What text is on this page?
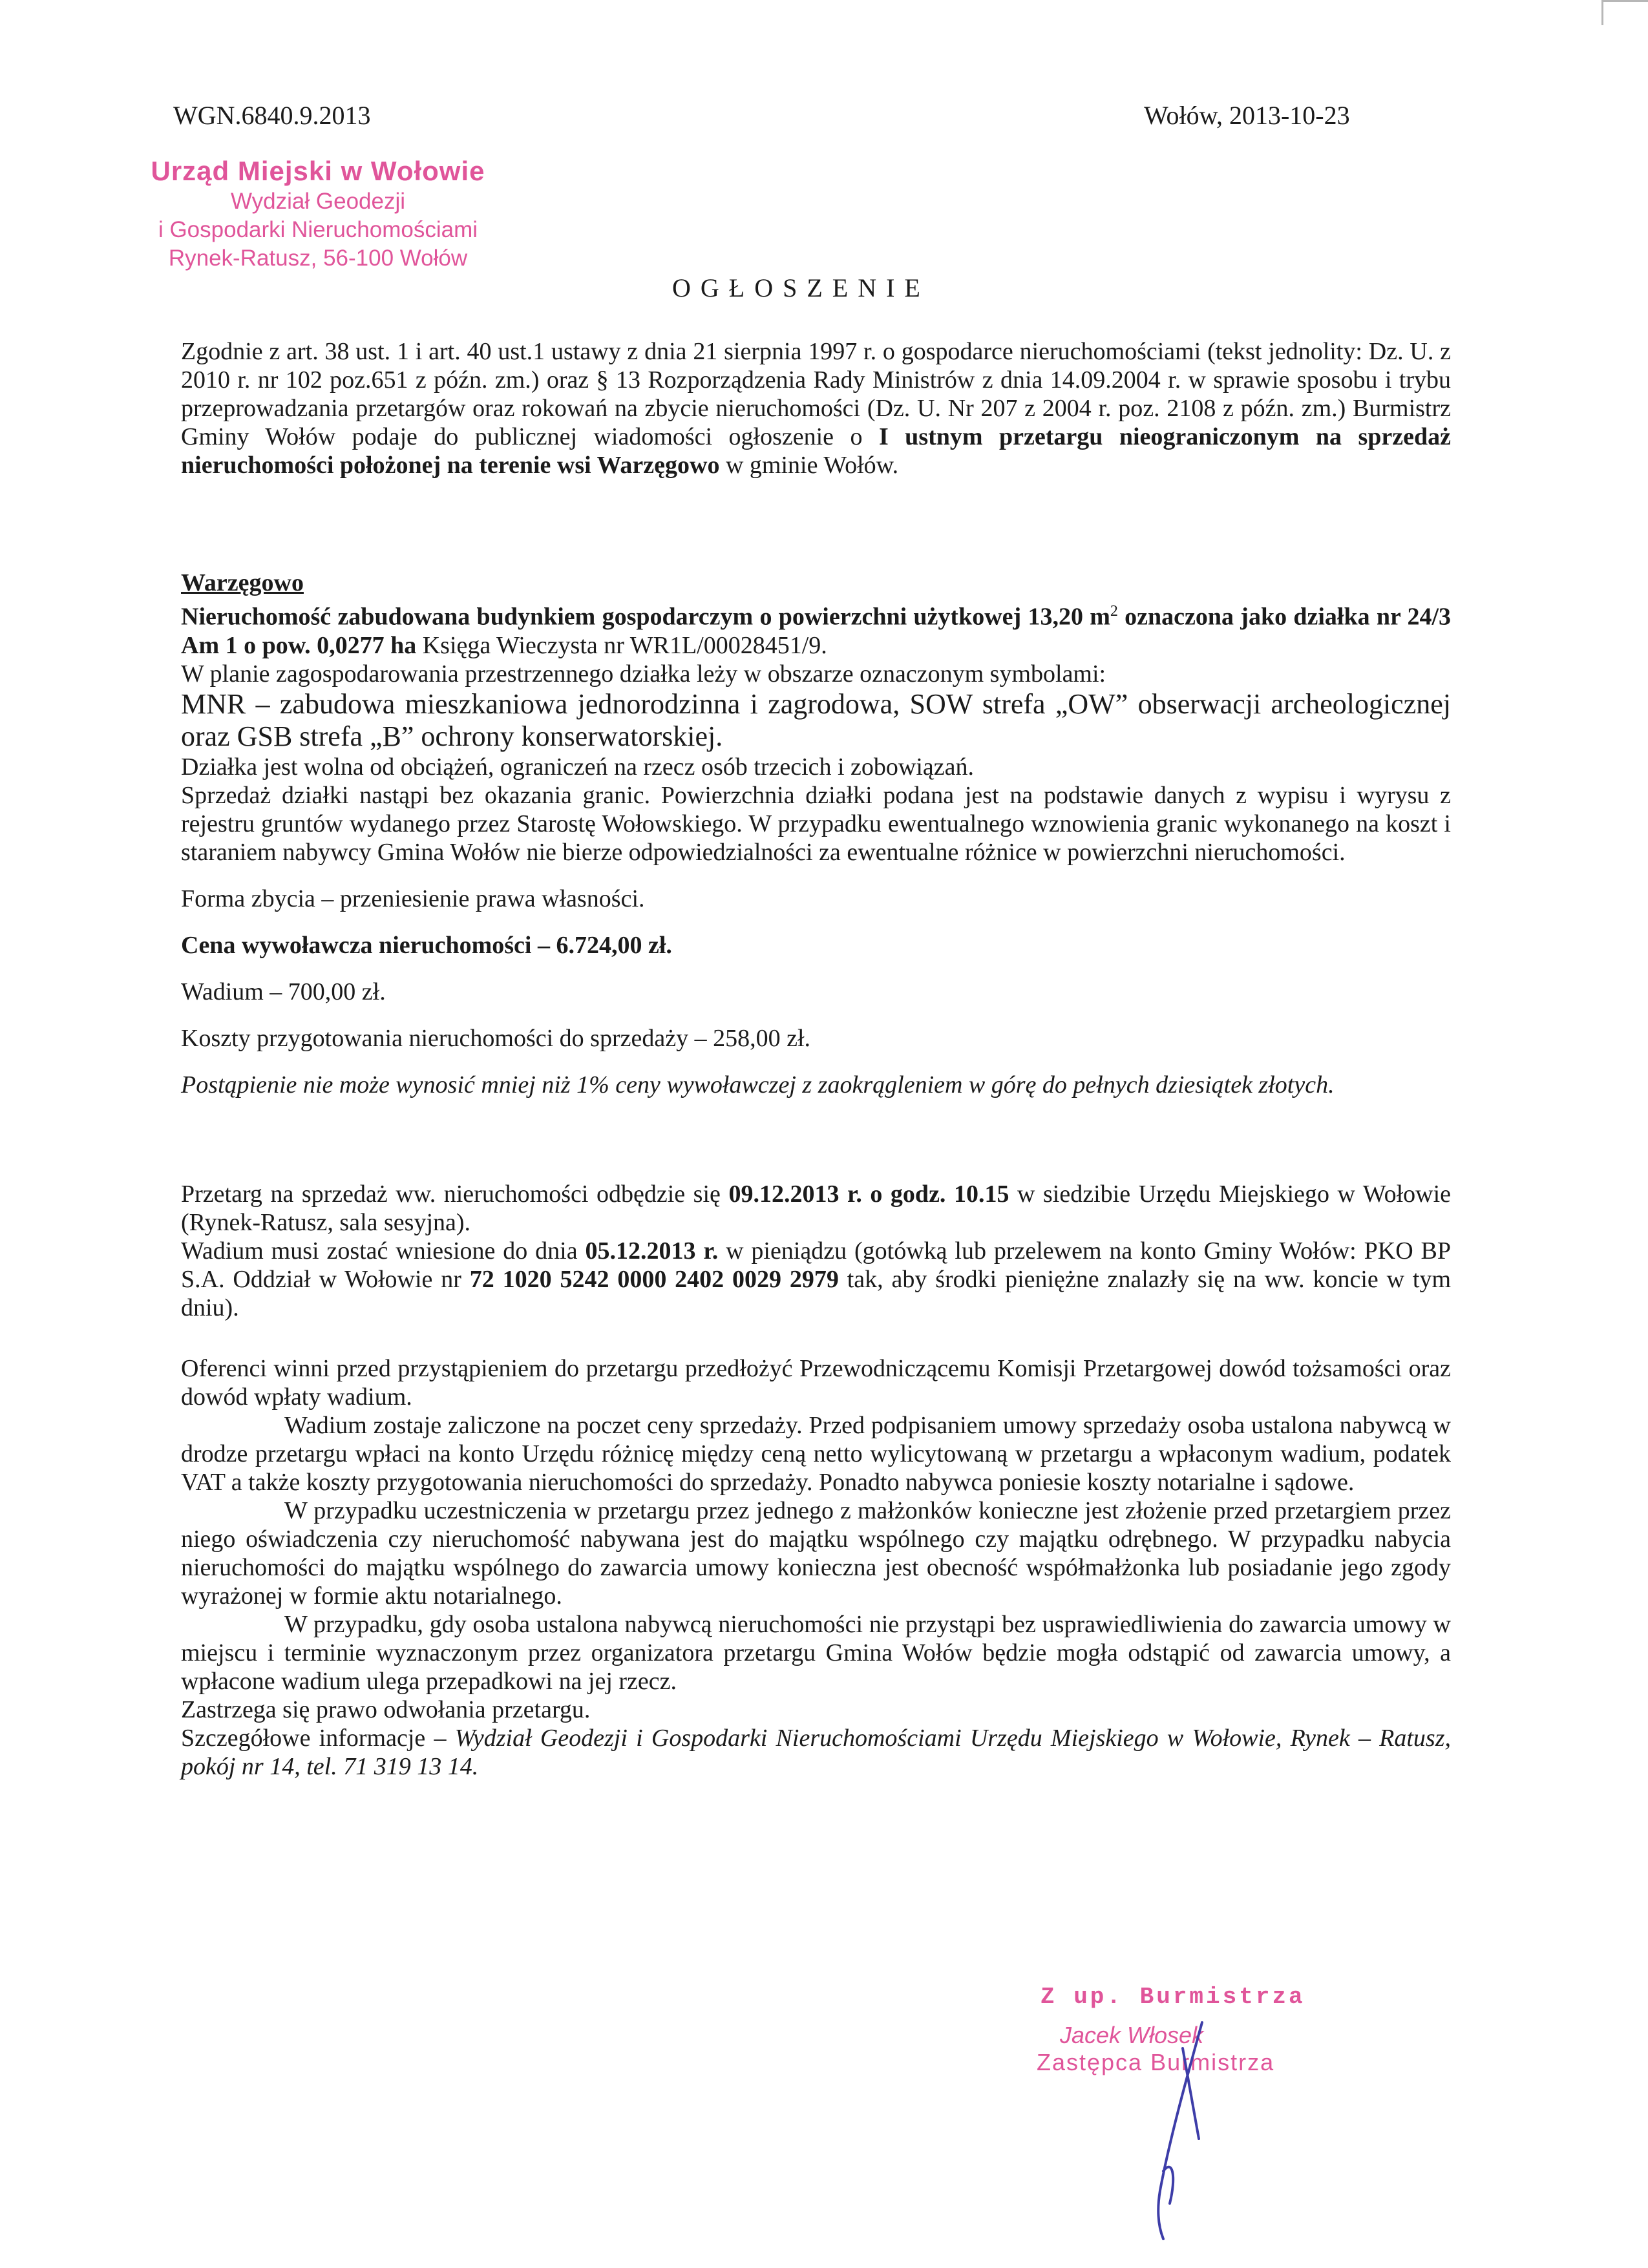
WGN.6840.9.2013	Wołów, 2013-10-23
Urząd Miejski w Wołowie
Wydział Geodezji
i Gospodarki Nieruchomościami
Rynek-Ratusz, 56-100 Wołów
OGŁOSZENIE

Zgodnie z art. 38 ust. 1 i art. 40 ust.1 ustawy z dnia 21 sierpnia 1997 r. o gospodarce nieruchomościami (tekst jednolity: Dz. U. z 2010 r. nr 102 poz.651 z późn. zm.) oraz § 13 Rozporządzenia Rady Ministrów z dnia 14.09.2004 r. w sprawie sposobu i trybu przeprowadzania przetargów oraz rokowań na zbycie nieruchomości (Dz. U. Nr 207 z 2004 r. poz. 2108 z późn. zm.) Burmistrz Gminy Wołów podaje do publicznej wiadomości ogłoszenie o I ustnym przetargu nieograniczonym na sprzedaż nieruchomości położonej na terenie wsi Warzęgowo w gminie Wołów.

Warzęgowo

Nieruchomość zabudowana budynkiem gospodarczym o powierzchni użytkowej 13,20 $m^2$ oznaczona jako działka nr 24/3 Am 1 o pow. 0,0277 ha Księga Wieczysta nr WR1L/00028451/9.

W planie zagospodarowania przestrzennego działka leży w obszarze oznaczonym symbolami:

MNR – zabudowa mieszkaniowa jednorodzinna i zagrodowa, SOW strefa „OW” obserwacji archeologicznej oraz GSB strefa „B” ochrony konserwatorskiej.

Działka jest wolna od obciążeń, ograniczeń na rzecz osób trzecich i zobowiązań.

Sprzedaż działki nastąpi bez okazania granic. Powierzchnia działki podana jest na podstawie danych z wypisu i wyrysu z rejestru gruntów wydanego przez Starostę Wołowskiego. W przypadku ewentualnego wznowienia granic wykonanego na koszt i staraniem nabywcy Gmina Wołów nie bierze odpowiedzialności za ewentualne różnice w powierzchni nieruchomości.

Forma zbycia – przeniesienie prawa własności.

Cena wywoławcza nieruchomości – 6.724,00 zł.

Wadium – 700,00 zł.

Koszty przygotowania nieruchomości do sprzedaży – 258,00 zł.

Postąpienie nie może wynosić mniej niż 1% ceny wywoławczej z zaokrągleniem w górę do pełnych dziesiątek złotych.

Przetarg na sprzedaż ww. nieruchomości odbędzie się 09.12.2013 r. o godz. 10.15 w siedzibie Urzędu Miejskiego w Wołowie (Rynek-Ratusz, sala sesyjna).

Wadium musi zostać wniesione do dnia 05.12.2013 r. w pieniądzu (gotówką lub przelewem na konto Gminy Wołów: PKO BP S.A. Oddział w Wołowie nr 72 1020 5242 0000 2402 0029 2979 tak, aby środki pieniężne znalazły się na ww. koncie w tym dniu).

Oferenci winni przed przystąpieniem do przetargu przedłożyć Przewodniczącemu Komisji Przetargowej dowód tożsamości oraz dowód wpłaty wadium.

Wadium zostaje zaliczone na poczet ceny sprzedaży. Przed podpisaniem umowy sprzedaży osoba ustalona nabywcą w drodze przetargu wpłaci na konto Urzędu różnicę między ceną netto wylicytowaną w przetargu a wpłaconym wadium, podatek VAT a także koszty przygotowania nieruchomości do sprzedaży. Ponadto nabywca poniesie koszty notarialne i sądowe.

W przypadku uczestniczenia w przetargu przez jednego z małżonków konieczne jest złożenie przed przetargiem przez niego oświadczenia czy nieruchomość nabywana jest do majątku wspólnego czy majątku odrębnego. W przypadku nabycia nieruchomości do majątku wspólnego do zawarcia umowy konieczna jest obecność współmałżonka lub posiadanie jego zgody wyrażonej w formie aktu notarialnego.

W przypadku, gdy osoba ustalona nabywcą nieruchomości nie przystąpi bez usprawiedliwienia do zawarcia umowy w miejscu i terminie wyznaczonym przez organizatora przetargu Gmina Wołów będzie mogła odstąpić od zawarcia umowy, a wpłacone wadium ulega przepadkowi na jej rzecz.

Zastrzega się prawo odwołania przetargu.

Szczegółowe informacje – Wydział Geodezji i Gospodarki Nieruchomościami Urzędu Miejskiego w Wołowie, Rynek – Ratusz, pokój nr 14, tel. 71 319 13 14.

Z up. Burmistrza
Jacek Włosek
Zastępca Burmistrza
